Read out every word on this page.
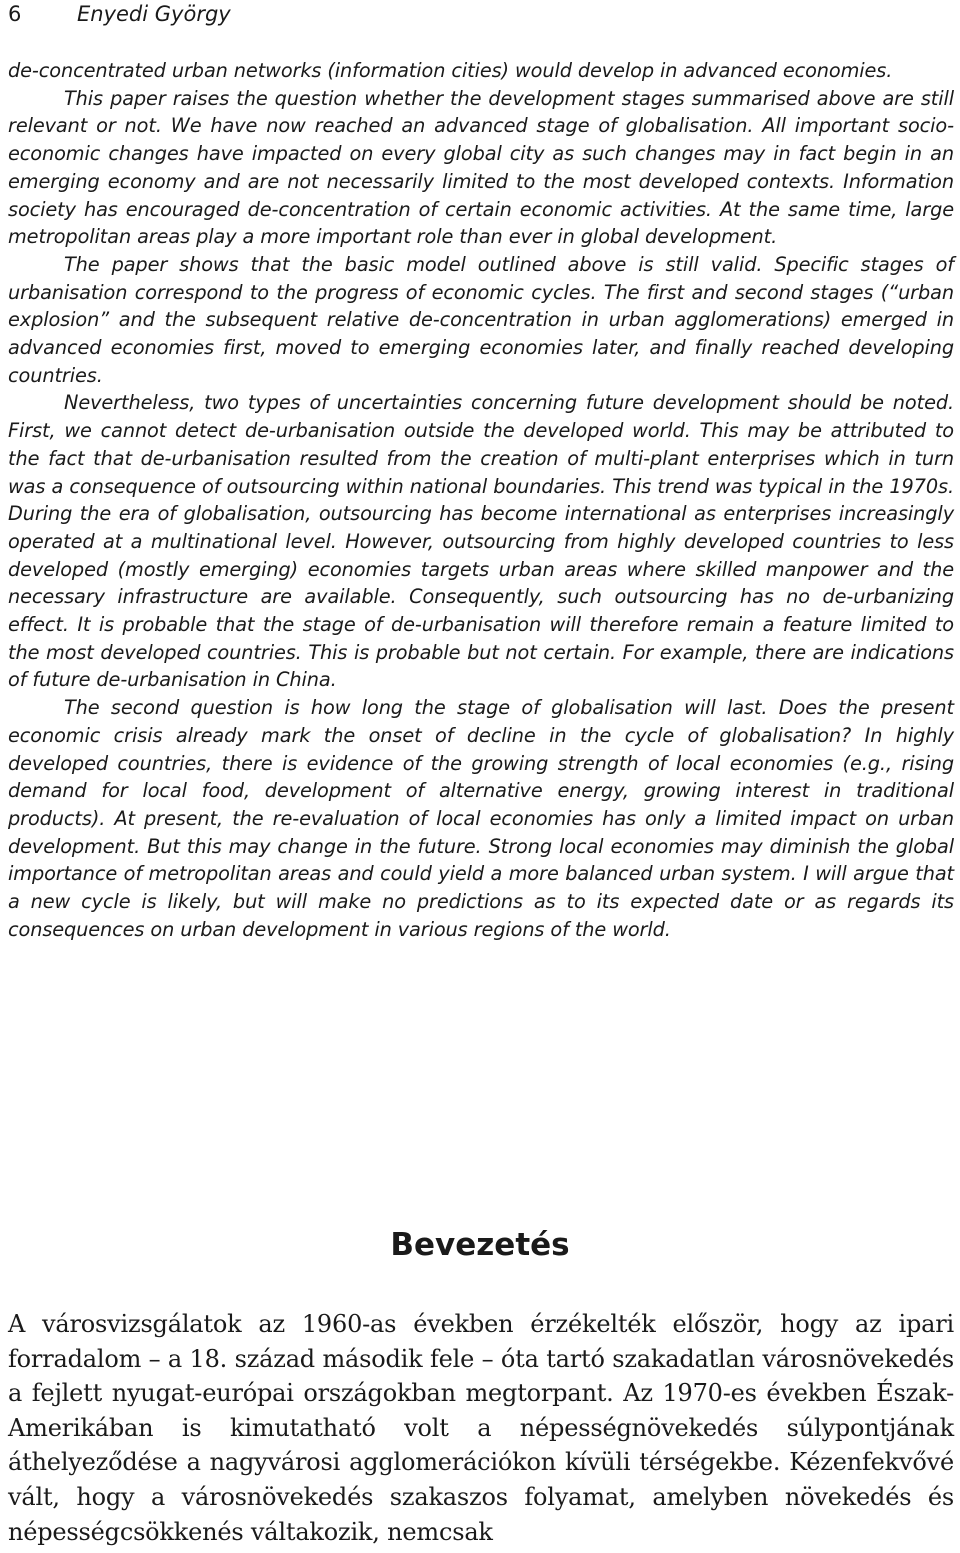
6	Enyedi György

de-concentrated urban networks (information cities) would develop in advanced economies.

This paper raises the question whether the development stages summarised above are still relevant or not. We have now reached an advanced stage of globalisation. All important socio-economic changes have impacted on every global city as such changes may in fact begin in an emerging economy and are not necessarily limited to the most developed contexts. Information society has encouraged de-concentration of certain economic activities. At the same time, large metropolitan areas play a more important role than ever in global development.

The paper shows that the basic model outlined above is still valid. Specific stages of urbanisation correspond to the progress of economic cycles. The first and second stages (“urban explosion” and the subsequent relative de-concentration in urban agglomerations) emerged in advanced economies first, moved to emerging economies later, and finally reached developing countries.

Nevertheless, two types of uncertainties concerning future development should be noted. First, we cannot detect de-urbanisation outside the developed world. This may be attributed to the fact that de-urbanisation resulted from the creation of multi-plant enterprises which in turn was a consequence of outsourcing within national boundaries. This trend was typical in the 1970s. During the era of globalisation, outsourcing has become international as enterprises increasingly operated at a multinational level. However, outsourcing from highly developed countries to less developed (mostly emerging) economies targets urban areas where skilled manpower and the necessary infrastructure are available. Consequently, such outsourcing has no de-urbanizing effect. It is probable that the stage of de-urbanisation will therefore remain a feature limited to the most developed countries. This is probable but not certain. For example, there are indications of future de-urbanisation in China.

The second question is how long the stage of globalisation will last. Does the present economic crisis already mark the onset of decline in the cycle of globalisation? In highly developed countries, there is evidence of the growing strength of local economies (e.g., rising demand for local food, development of alternative energy, growing interest in traditional products). At present, the re-evaluation of local economies has only a limited impact on urban development. But this may change in the future. Strong local economies may diminish the global importance of metropolitan areas and could yield a more balanced urban system. I will argue that a new cycle is likely, but will make no predictions as to its expected date or as regards its consequences on urban development in various regions of the world.

Bevezetés

A városvizsgálatok az 1960-as években érzékelték először, hogy az ipari forradalom – a 18. század második fele – óta tartó szakadatlan városnövekedés a fejlett nyugat-európai országokban megtorpant. Az 1970-es években Észak-Amerikában is kimutatható volt a népességnövekedés súlypontjának áthelyeződése a nagyvárosi agglomerációkon kívüli térségekbe. Kézenfekvővé vált, hogy a városnövekedés szakaszos folyamat, amelyben növekedés és népességcsökkenés váltakozik, nemcsak
